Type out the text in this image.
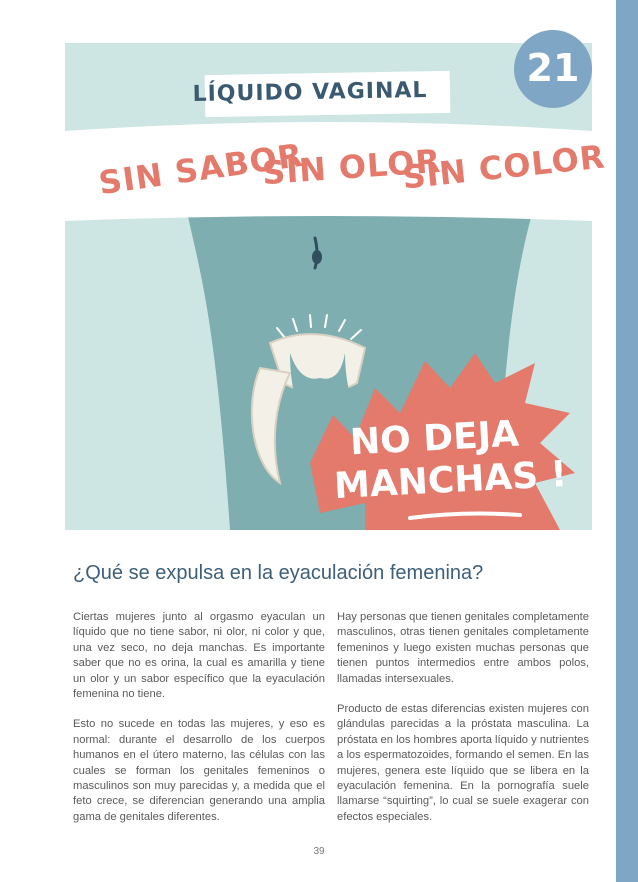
LÍQUIDO VAGINAL
SIN SABOR
SIN OLOR
SIN COLOR
NO DEJA
MANCHAS !
21
¿Qué se expulsa en la eyaculación femenina?

Ciertas mujeres junto al orgasmo eyaculan un líquido que no tiene sabor, ni olor, ni color y que, una vez seco, no deja manchas. Es importante saber que no es orina, la cual es amarilla y tiene un olor y un sabor específico que la eyaculación femenina no tiene.

Esto no sucede en todas las mujeres, y eso es normal: durante el desarrollo de los cuerpos humanos en el útero materno, las células con las cuales se forman los genitales femeninos o masculinos son muy parecidas y, a medida que el feto crece, se diferencian generando una amplia gama de genitales diferentes.

Hay personas que tienen genitales completamente masculinos, otras tienen genitales completamente femeninos y luego existen muchas personas que tienen puntos intermedios entre ambos polos, llamadas intersexuales.

Producto de estas diferencias existen mujeres con glándulas parecidas a la próstata masculina. La próstata en los hombres aporta líquido y nutrientes a los espermatozoides, formando el semen. En las mujeres, genera este líquido que se libera en la eyaculación femenina. En la pornografía suele llamarse “squirting”, lo cual se suele exagerar con efectos especiales.

39
